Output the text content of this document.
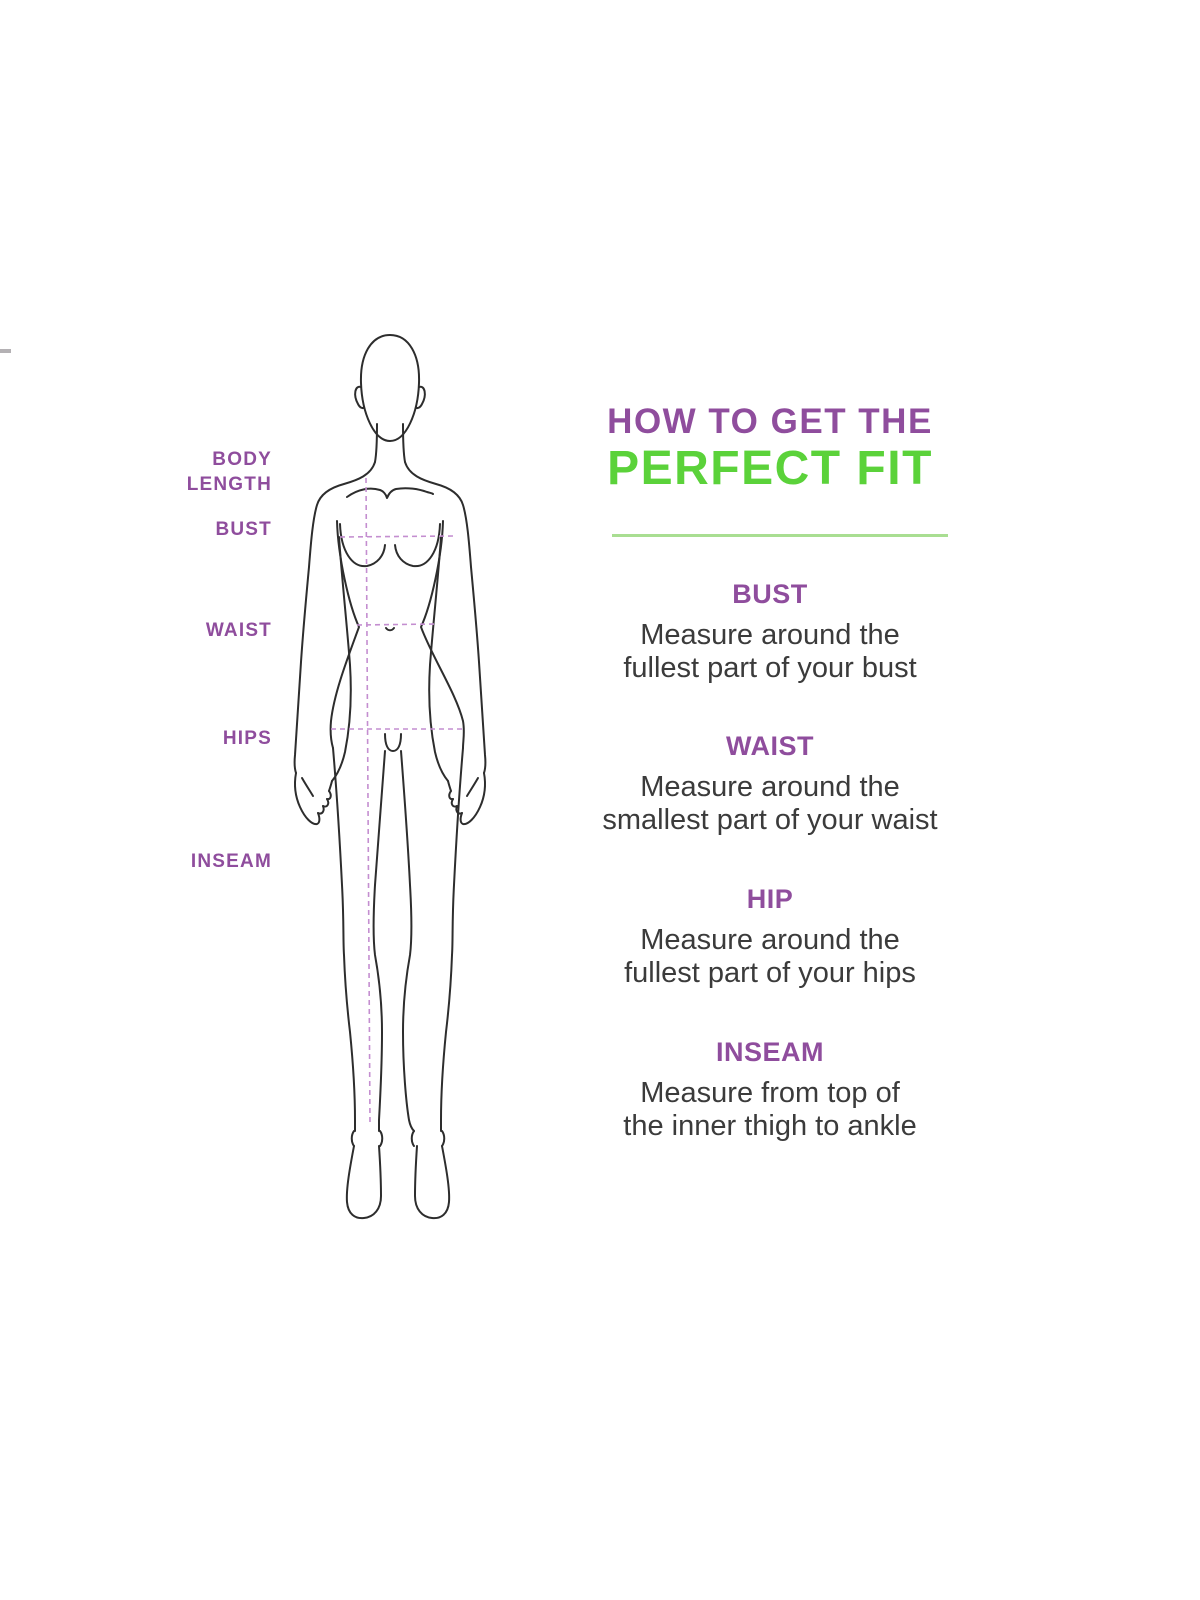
BODY
LENGTH
BUST
WAIST
HIPS
INSEAM
HOW TO GET THE
PERFECT FIT
BUST

Measure around the
fullest part of your bust

WAIST

Measure around the
smallest part of your waist

HIP

Measure around the
fullest part of your hips

INSEAM

Measure from top of
the inner thigh to ankle
